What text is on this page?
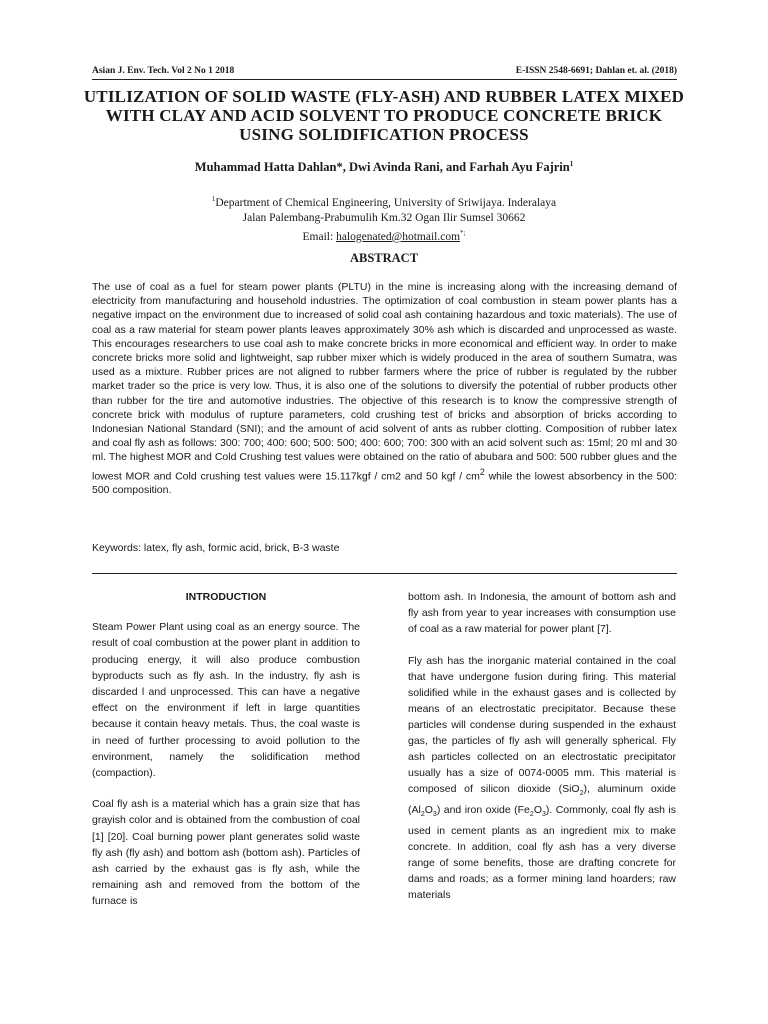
Asian J. Env. Tech. Vol 2 No 1 2018	E-ISSN 2548-6691; Dahlan et. al. (2018)
UTILIZATION OF SOLID WASTE (FLY-ASH) AND RUBBER LATEX MIXED WITH CLAY AND ACID SOLVENT TO PRODUCE CONCRETE BRICK USING SOLIDIFICATION PROCESS
Muhammad Hatta Dahlan*, Dwi Avinda Rani, and Farhah Ayu Fajrin$^1$
$^1$Department of Chemical Engineering, University of Sriwijaya. Inderalaya
Jalan Palembang-Prabumulih Km.32 Ogan Ilir Sumsel 30662
Email: halogenated@hotmail.com*;
ABSTRACT

The use of coal as a fuel for steam power plants (PLTU) in the mine is increasing along with the increasing demand of electricity from manufacturing and household industries. The optimization of coal combustion in steam power plants has a negative impact on the environment due to increased of solid coal ash containing hazardous and toxic materials). The use of coal as a raw material for steam power plants leaves approximately 30% ash which is discarded and unprocessed as waste. This encourages researchers to use coal ash to make concrete bricks in more economical and efficient way. In order to make concrete bricks more solid and lightweight, sap rubber mixer which is widely produced in the area of southern Sumatra, was used as a mixture. Rubber prices are not aligned to rubber farmers where the price of rubber is regulated by the rubber market trader so the price is very low. Thus, it is also one of the solutions to diversify the potential of rubber products other than rubber for the tire and automotive industries. The objective of this research is to know the compressive strength of concrete brick with modulus of rupture parameters, cold crushing test of bricks and absorption of bricks according to Indonesian National Standard (SNI); and the amount of acid solvent of ants as rubber clotting. Composition of rubber latex and coal fly ash as follows: 300: 700; 400: 600; 500: 500; 400: 600; 700: 300 with an acid solvent such as: 15ml; 20 ml and 30 ml. The highest MOR and Cold Crushing test values were obtained on the ratio of abubara and 500: 500 rubber glues and the lowest MOR and Cold crushing test values were 15.117kgf / cm2 and 50 kgf / $cm^2$ while the lowest absorbency in the 500: 500 composition.

Keywords: latex, fly ash, formic acid, brick, B-3 waste

INTRODUCTION

Steam Power Plant using coal as an energy source. The result of coal combustion at the power plant in addition to producing energy, it will also produce combustion byproducts such as fly ash. In the industry, fly ash is discarded l and unprocessed. This can have a negative effect on the environment if left in large quantities because it contain heavy metals. Thus, the coal waste is in need of further processing to avoid pollution to the environment, namely the solidification method (compaction).

Coal fly ash is a material which has a grain size that has grayish color and is obtained from the combustion of coal [1] [20]. Coal burning power plant generates solid waste fly ash (fly ash) and bottom ash (bottom ash). Particles of ash carried by the exhaust gas is fly ash, while the remaining ash and removed from the bottom of the furnace is

bottom ash. In Indonesia, the amount of bottom ash and fly ash from year to year increases with consumption use of coal as a raw material for power plant [7].

Fly ash has the inorganic material contained in the coal that have undergone fusion during firing. This material solidified while in the exhaust gases and is collected by means of an electrostatic precipitator. Because these particles will condense during suspended in the exhaust gas, the particles of fly ash will generally spherical. Fly ash particles collected on an electrostatic precipitator usually has a size of 0074-0005 mm. This material is composed of silicon dioxide (SiO$_2$), aluminum oxide $(Al_2O_3)$ and iron oxide $(Fe_2O_3)$. Commonly, coal fly ash is used in cement plants as an ingredient mix to make concrete. In addition, coal fly ash has a very diverse range of some benefits, those are drafting concrete for dams and roads; as a former mining land hoarders; raw materials
